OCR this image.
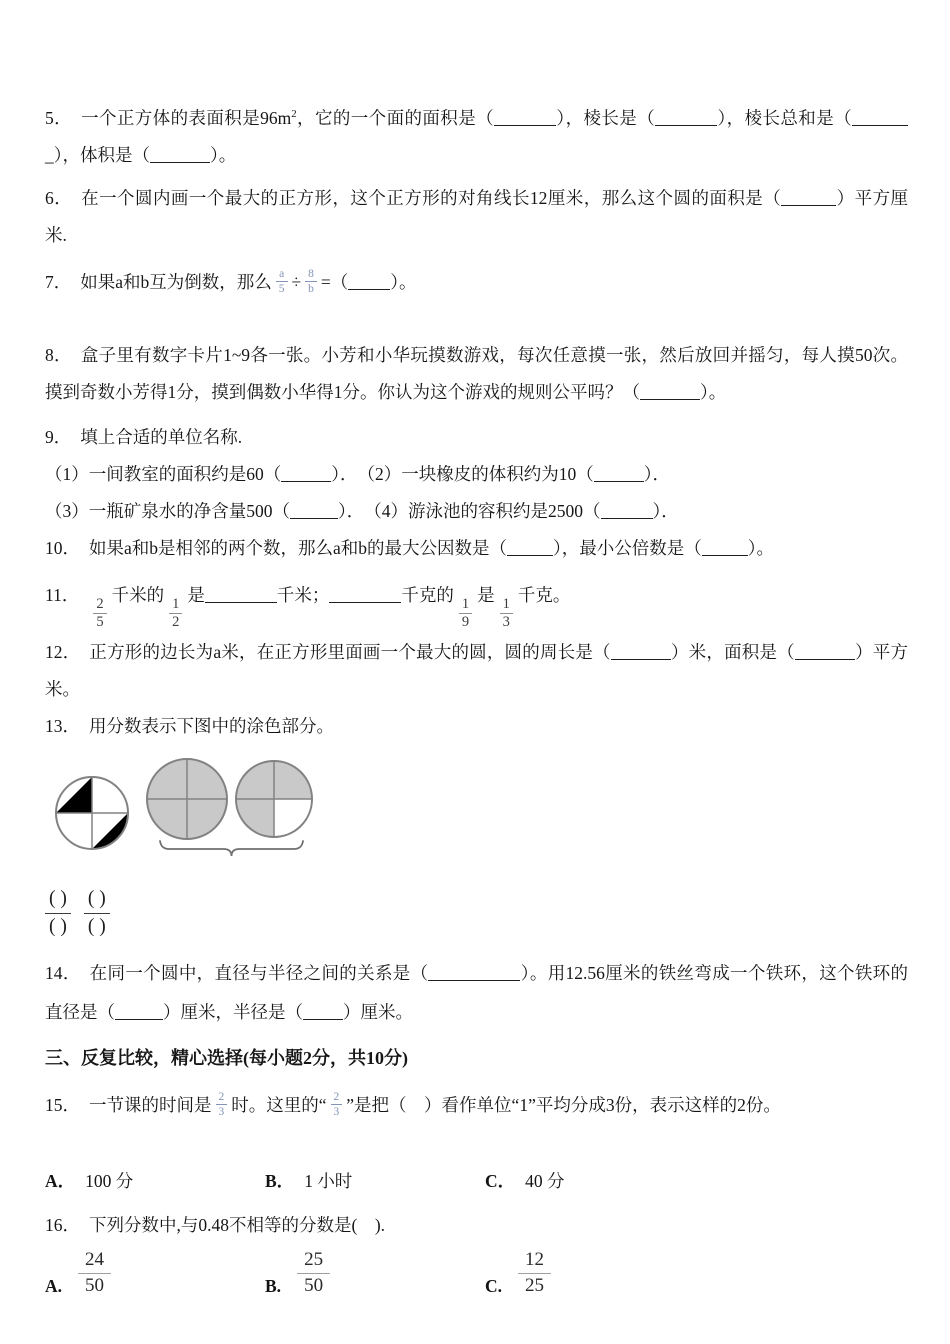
5． 一个正方体的表面积是$96m^2$，它的一个面的面积是（	），棱长是（	），棱长总和是（_），体积是（	）。
6． 在一个圆内画一个最大的正方形，这个正方形的对角线长12厘米，那么这个圆的面积是（	）平方厘米.
7． 如果a和b互为倒数，那么 $\frac{a}{5} \div \frac{8}{b}$ =（ ）。
8． 盒子里有数字卡片1~9各一张。小芳和小华玩摸数游戏，每次任意摸一张，然后放回并摇匀，每人摸50次。摸到奇数小芳得1分，摸到偶数小华得1分。你认为这个游戏的规则公平吗？（	）。
9． 填上合适的单位名称.
（1）一间教室的面积约是60（	）．　（2）一块橡皮的体积约为10（	）．
（3）一瓶矿泉水的净含量500（	）．　（4）游泳池的容积约是2500（	）．
10． 如果a和b是相邻的两个数，那么a和b的最大公因数是（	），最小公倍数是（	）。
11．
$\frac{2}{5}$
千米的
$\frac{1}{2}$
是	千米；	千克的
$\frac{1}{9}$
是
$\frac{1}{3}$
千克。
12． 正方形的边长为a米，在正方形里面画一个最大的圆，圆的周长是（	）米，面积是（	）平方米。
13． 用分数表示下图中的涂色部分。
( )
( )
( )
( )
14． 在同一个圆中，直径与半径之间的关系是（	）。用12.56厘米的铁丝弯成一个铁环，这个铁环的直径是（	）厘米，半径是（ ）厘米。
三、反复比较，精心选择(每小题2分，共10分)
15． 一节课的时间是 $\frac{2}{3}$ 时。这里的“ $\frac{2}{3}$ ”是把（　）看作单位“1”平均分成3份，表示这样的2份。
A． 100 分	B． 1 小时	C． 40 分
16． 下列分数中,与0.48不相等的分数是(　).
A. $\frac{24}{50}$	B. $\frac{25}{50}$	C. $\frac{12}{25}$
